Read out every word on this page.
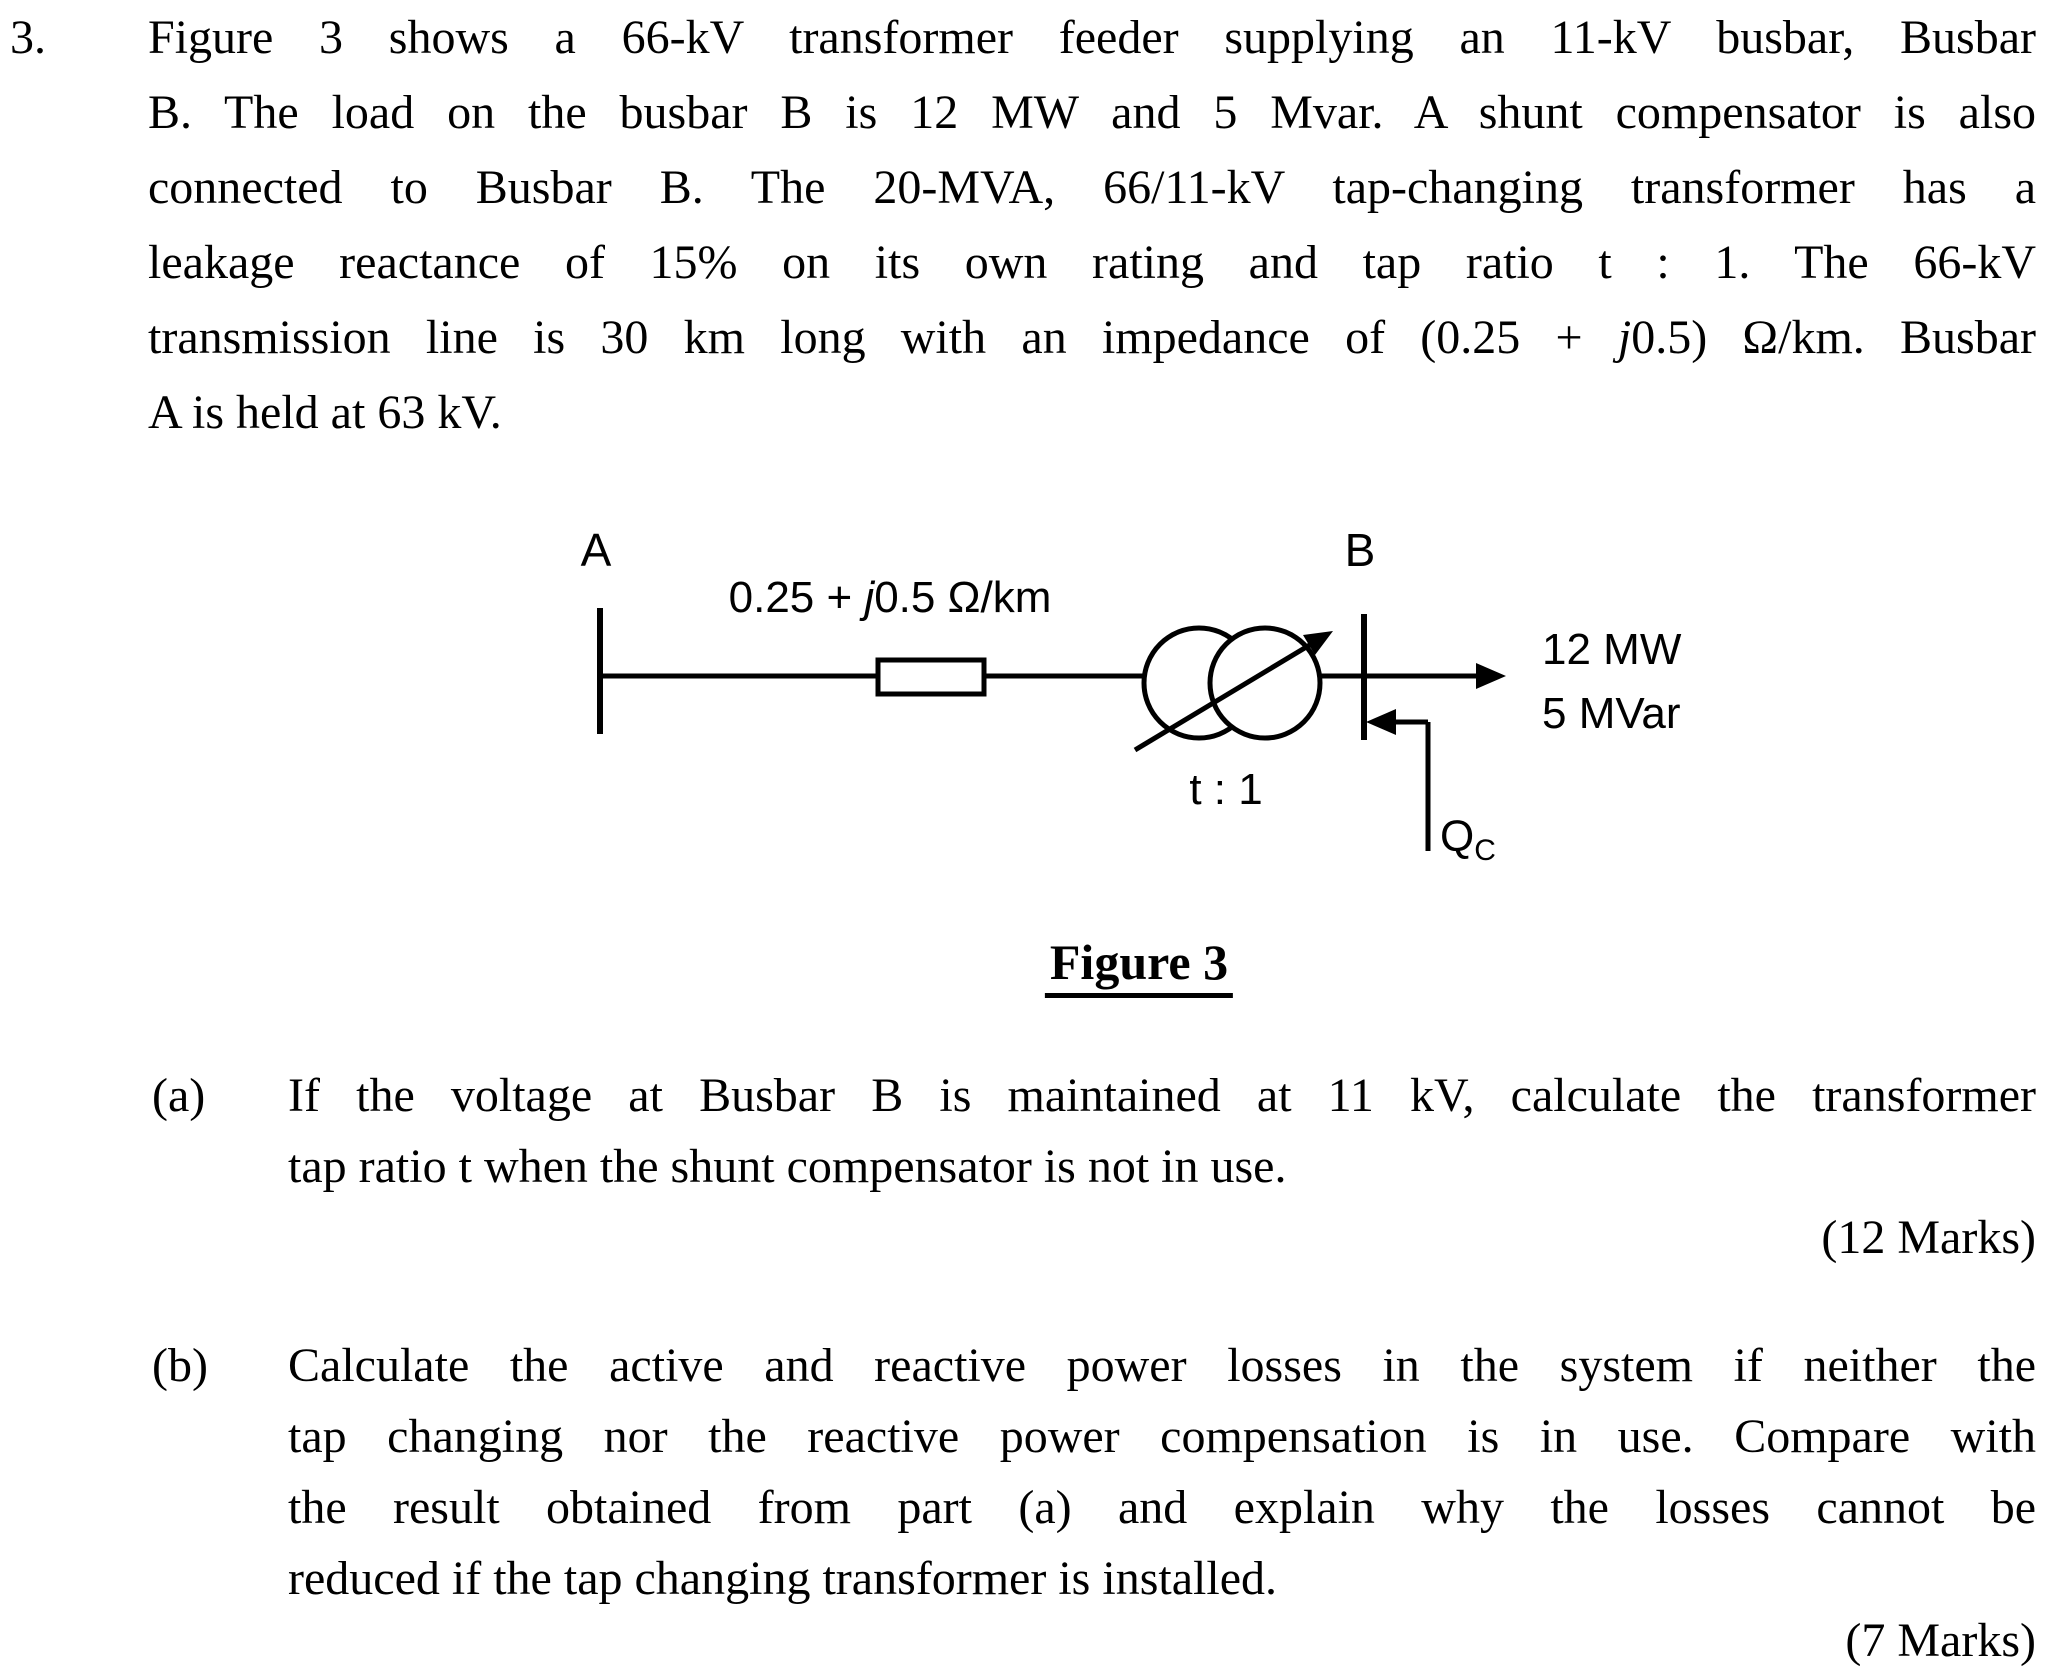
3. Figure 3 shows a 66-kV transformer feeder supplying an 11-kV busbar, Busbar
B. The load on the busbar B is 12 MW and 5 Mvar. A shunt compensator is also
connected to Busbar B. The 20-MVA, 66/11-kV tap-changing transformer has a
leakage reactance of 15% on its own rating and tap ratio t : 1. The 66-kV
transmission line is 30 km long with an impedance of (0.25 + j0.5) Ω/km. Busbar
A is held at 63 kV.
A	B
0.25 + j0.5 Ω/km
t : 1
12 MW
5 MVar
$Q_C$
Figure 3
(a) If the voltage at Busbar B is maintained at 11 kV, calculate the transformer
tap ratio t when the shunt compensator is not in use.
(12 Marks)
(b) Calculate the active and reactive power losses in the system if neither the
tap changing nor the reactive power compensation is in use. Compare with
the result obtained from part (a) and explain why the losses cannot be
reduced if the tap changing transformer is installed.
(7 Marks)
